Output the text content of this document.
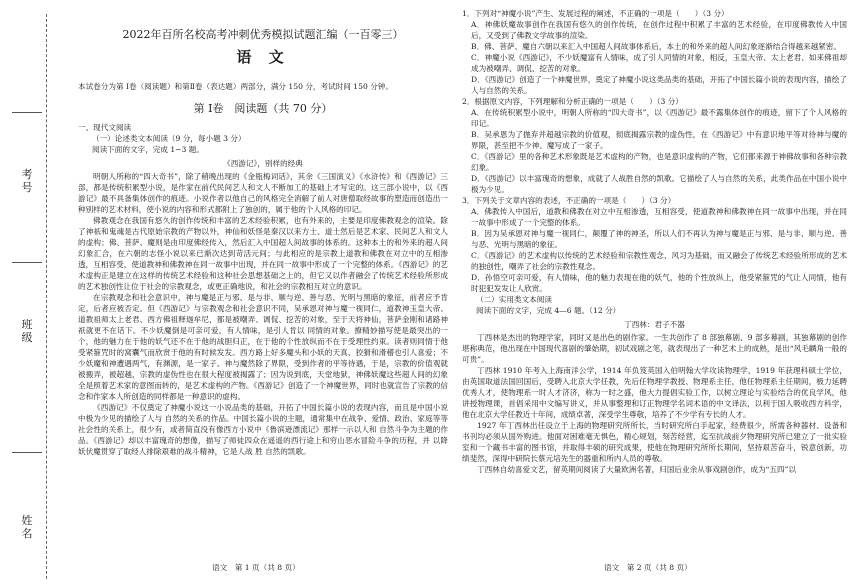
考号
班级
姓名
2022年百所名校高考冲刺优秀模拟试题汇编（一百零三）
语 文
本试卷分为第 Ⅰ卷（阅读题）和第Ⅱ卷（表达题）两部分，满分 150 分，考试时间 150 分钟。
第 Ⅰ卷　阅读题（共 70 分）
一、现代文阅读
（一）论述类文本阅读（9 分，每小题 3 分）
阅读下面的文字，完成 1~3 题。
《西游记》，别样的经典

明朝人所称的“四大奇书”，除了稍晚出现的《金瓶梅词话》，其余《三国演义》《水浒传》和《西游记》三部，都是传统积累型小说，是作家在前代民间艺人和文人不断加工的基础上才写定的。这三部小说中，以《西游记》最不具备集体创作的痕迹。小说作者以他自己的风格完全消解了前人对唐僧取经故事的塑造而创造出一种别样的艺术材料，使小说的内容和形式都附上了独创的，属于他的个人风格的印记。

佛教观念在我国有悠久的创作传统和丰富的艺术经验积累，也有外来的，主要是印度佛教观念的渲染。除了神祇和鬼魂是古代原始宗教的产物以外，神仙和妖怪是秦汉以来方士、道士然后是艺术家、民间艺人和文人的虚构；佛、菩萨、魔则是由印度佛经传入，然后汇入中国超人间故事的体系的。这种本土的和外来的超人间幻象汇合，在六朝的志怪小说以来已渐次达到苛活元间；与此相应的是宗教上道教和佛教在对立中的互相渗透，互相容受，使道教神和佛教神在同一故事中出现，并在同一故事中形成了一个完整的体系。《西游记》的艺术虚构正是建立在这样的传统艺术经验和这种社会思想基础之上的，但它又以作者融会了传统艺术经验所形成的艺术独创性让位于社会的宗教观念，或更正确地说，和社会的宗教相互对立的意识。

在宗教观念和社会意识中，神与魔是正与邪、是与非、顺与逆、善与恶、光明与黑暗的象征，前者应予肯定，后者应被否定。但《西游记》与宗教观念和社会意识不同，吴承恩对神与魔一视同仁，道教神玉皇大帝、道教祖师太上老君、西方佛祖释迦牟尼，都是被嘲弄、调侃、挖苦的对象，至于天将神仙，菩萨金刚和诸路神祇就更不在话下。不少妖魔倒是可亲可爱，有人情味，是引人肯以 同情的对象。撩精妙描写使是最突出的一个，他的魅力在于他的妖气还不在于他的战胆归正，在于他的个性放纵而不在于受理性约束。读者则同情于他受紧箍咒时的窝囊气而欣赏于他的有时候发发。西方路上好多魔头和小妖的天真、狡猾和滑稽也引人喜爱；不少妖魔和神遭遇两气，有渊源，是一家子。神与魔然除了界限，受到作者的平等待遇，于是，宗教的价值观就被搬弄，被超越，宗教的虚伪性也在很大程度被揭露了；因为说到底，天堂地狱，神佛妖魔这些超人间的幻象全是照着艺术家的意图而转的，是艺术虚构的产物。《西游记》创造了一个神魔世界，同时也就宣告了宗教的信念和作家本人所创造的同样都是一种意识的虚构。

《西游记》不仅奠定了神魔小说这一小说品类的基础，开拓了中国长篇小说的表现内容，而且是中国小说中极为少见的描绘了人与 自然的关系的作品。中国长篇小说的主题，通常集中在战争、爱情、政治、家庭等等社会性的关系上，很少有，或者简直没有像西方小说中《鲁滨逊漂流记》那样一示以人和 自然斗争为主题的作品。《西游记》却以丰富瑰奇的想像，描写了师徒四众在遥遥的西行途上和穷山恶水冒险斗争的历程，并 以降妖伏魔贯穿了取经人排除艰难的战斗精神，它是人战 胜 自然的凯歌。

1．下列对“神魔小说”产生、发展过程的阐述，不正确的一项是（　　）（3 分）
A．神佛妖魔故事创作在我国有悠久的创作传统，在创作过程中积累了丰富的艺术经验，在印度佛教传入中国后，又受到了佛教文学故事的渲染。
B．佛、菩萨、魔自六朝以来汇入中国超人间故事体系后，本土的和外来的超人间幻象逐渐结合得越来越紧密。
C．神魔小说《西游记》，不少妖魔富有人情味，成了引人同情的对象，相反，玉皇大帝、太上老君、如来佛祖却成为被嘲弄、调侃、挖苦的对象。
D．《西游记》创造了一个神魔世界，奠定了神魔小说这类品类的基础，开拓了中国长篇小说的表现内容，描绘了人与自然的关系。
2．根据原文内容，下列理解和分析正确的一项是（　　）（3 分）
A．在传统积累型小说中，明朝人所称的“四大奇书”，以《西游记》最不露集体创作的痕迹，留下了个人风格的印记。
B．吴承恩为了抛弃并超越宗教的价值观，彻底揭露宗教的虚伪性，在《西游记》中有意识地平等对待神与魔的界限，甚至把不少神、魔写成了一家子。
C．《西游记》里的各种艺术形象既是艺术虚构的产物，也是意识虚构的产物，它们都来源于神佛故事和各种宗教幻象。
D．《西游记》以丰富瑰奇的想象，成就了人战胜自然的凯歌。它描绘了人与自然的关系，此类作品在中国小说中极为少见。
3．下列关于文章内容的表述，不正确的一项是（　　）（3 分）
A．佛教传入中国后，道教和佛教在对立中互相渗透，互相容受，使道教神和佛教神在同一故事中出现，并在同一故事中形成了一个完整的体系。
B．因为吴承恩对神与魔一视同仁，颠覆了神的神圣，所以人们不再认为神与魔是正与邪、是与非、顺与逆、善与恶、光明与黑暗的象征。
C．《西游记》的艺术虚构以传统的艺术经验和宗教性观念、风习为基础，而又融会了传统艺术经验所形成的艺术的独创性，嘲弄了社会的宗教性观念。
D．孙悟空可亲可爱，有人情味，他的魅力表现在他的妖气，他的个性放纵上，他受紧箍咒的气让人同情，他有时犯犯发发让人欣赏。
（二）实用类文本阅读
阅读下面的文字，完成 4—6 题。（12 分）
丁西林：君子不器

丁西林是杰出的物理学家，同时又是出色的剧作家。一生共创作了 8 部独幕剧、9 部多幕剧，其独幕剧的创作堪称典范，他出现在中国现代喜剧的肇始期，初试戏剧之笔，就表现出了一种艺术上的成熟，是出“风毛麟角一般的可贵”。

丁西林 1910 年考入上海南洋公学，1914 年负笈英国入伯明翰大学攻读物理学，1919 年获理科硕士学位，由英国取道法国回国后，受聘入北京大学任教，先后任物理学教授、物理系主任，他任物理系主任期间，极力延聘优秀人才，使物理系一时人才济济，称为一时之盛，他大力提倡实验工作，以树立理论与实验结合的优良学风，他讲授物理课，首倡采用中文编写讲义，并从事整理和订正物理学名词术语的中文译法，以利于国人吸收西方科学，他在北京大学任教近十年间，成绩卓著，深受学生尊敬，培养了不少学有专长的人才。

1927 年丁西林出任设立于上海的物理研究所所长，当时研究所白手起家，经费很少，所需各种器材、设备和书刊均必须从国外购进。他面对困难毫无惧色，精心规划，刻苦经营，迄至抗战前夕物理研究所已建立了一批实验室和一个藏书丰富的图书馆，并取得丰硕的研究成果，使他在物理研究所所长期间，坚持艰苦奋斗，锐意创新，功绩斐然，深得中研院长蔡元培先生的器重和所内人员的尊敬。

丁西林自幼喜爱文艺，留英期间阅读了大量欧洲名著，归国后业余从事戏剧创作，成为“五四”以

语文　第 1 页（共 8 页）	语文　第 2 页（共 8 页）
